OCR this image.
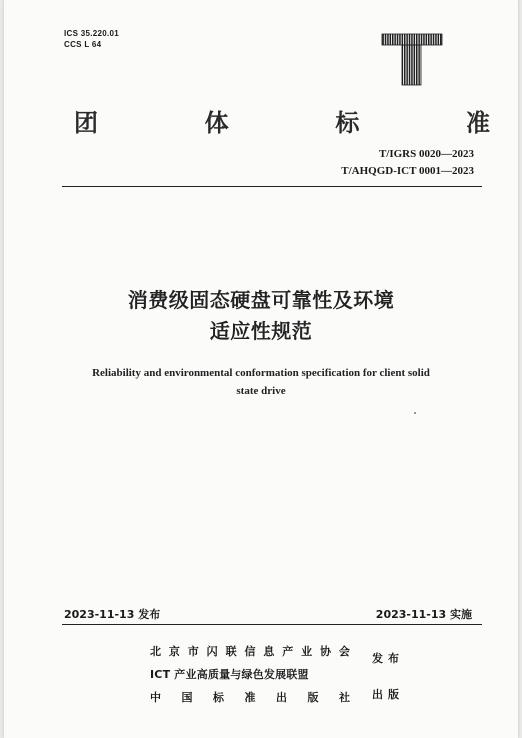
ICS 35.220.01
CCS L 64
团	体	标	准
T/IGRS 0020—2023
T/AHQGD-ICT 0001—2023
消费级固态硬盘可靠性及环境
适应性规范
Reliability and environmental conformation specification for client solid
state drive
2023-11-13 发布	2023-11-13 实施
北 京 市 闪 联 信 息 产 业 协 会
ICT 产业高质量与绿色发展联盟
中 国 标 准 出 版 社
发布
出版
